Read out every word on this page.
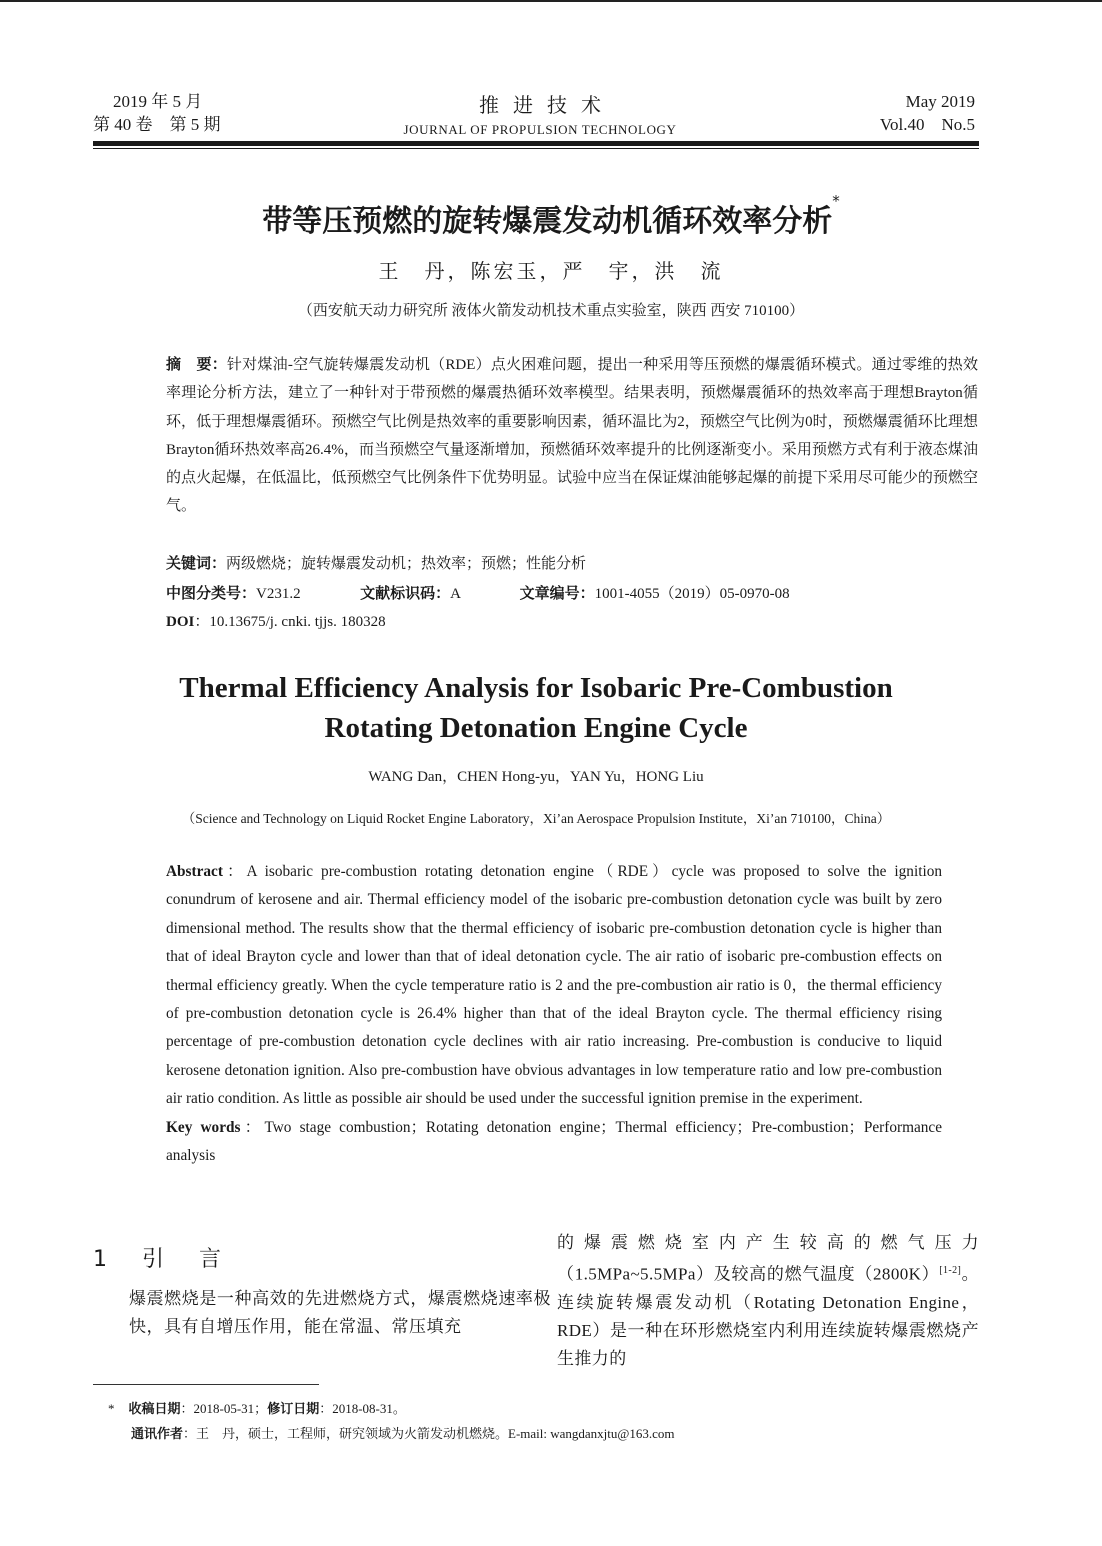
2019 年 5 月
第 40 卷　第 5 期
推进技术
JOURNAL OF PROPULSION TECHNOLOGY
May 2019
Vol.40　No.5
带等压预燃的旋转爆震发动机循环效率分析*
王　丹，陈宏玉，严　宇，洪　流
（西安航天动力研究所 液体火箭发动机技术重点实验室，陕西 西安 710100）
摘　要：针对煤油-空气旋转爆震发动机（RDE）点火困难问题，提出一种采用等压预燃的爆震循环模式。通过零维的热效率理论分析方法，建立了一种针对于带预燃的爆震热循环效率模型。结果表明，预燃爆震循环的热效率高于理想Brayton循环，低于理想爆震循环。预燃空气比例是热效率的重要影响因素，循环温比为2，预燃空气比例为0时，预燃爆震循环比理想Brayton循环热效率高26.4%，而当预燃空气量逐渐增加，预燃循环效率提升的比例逐渐变小。采用预燃方式有利于液态煤油的点火起爆，在低温比，低预燃空气比例条件下优势明显。试验中应当在保证煤油能够起爆的前提下采用尽可能少的预燃空气。
关键词：两级燃烧；旋转爆震发动机；热效率；预燃；性能分析
中图分类号：V231.2	文献标识码：A	文章编号：1001-4055（2019）05-0970-08
DOI：10.13675/j. cnki. tjjs. 180328
Thermal Efficiency Analysis for Isobaric Pre-Combustion
Rotating Detonation Engine Cycle
WANG Dan，CHEN Hong-yu，YAN Yu，HONG Liu
（Science and Technology on Liquid Rocket Engine Laboratory，Xi’an Aerospace Propulsion Institute，Xi’an 710100，China）
Abstract：A isobaric pre-combustion rotating detonation engine（RDE）cycle was proposed to solve the ignition conundrum of kerosene and air. Thermal efficiency model of the isobaric pre-combustion detonation cycle was built by zero dimensional method. The results show that the thermal efficiency of isobaric pre-combustion detonation cycle is higher than that of ideal Brayton cycle and lower than that of ideal detonation cycle. The air ratio of isobaric pre-combustion effects on thermal efficiency greatly. When the cycle temperature ratio is 2 and the pre-combustion air ratio is 0，the thermal efficiency of pre-combustion detonation cycle is 26.4% higher than that of the ideal Brayton cycle. The thermal efficiency rising percentage of pre-combustion detonation cycle declines with air ratio increasing. Pre-combustion is conducive to liquid kerosene detonation ignition. Also pre-combustion have obvious advantages in low temperature ratio and low pre-combustion air ratio condition. As little as possible air should be used under the successful ignition premise in the experiment.
Key words：Two stage combustion；Rotating detonation engine；Thermal efficiency；Pre-combustion；Performance analysis
1 引 言
爆震燃烧是一种高效的先进燃烧方式，爆震燃烧速率极快，具有自增压作用，能在常温、常压填充
的爆震燃烧室内产生较高的燃气压力（1.5MPa~5.5MPa）及较高的燃气温度（2800K）[1-2]。连续旋转爆震发动机（Rotating Detonation Engine，RDE）是一种在环形燃烧室内利用连续旋转爆震燃烧产生推力的
* 收稿日期：2018-05-31；修订日期：2018-08-31。
通讯作者：王　丹，硕士，工程师，研究领域为火箭发动机燃烧。E-mail: wangdanxjtu@163.com
